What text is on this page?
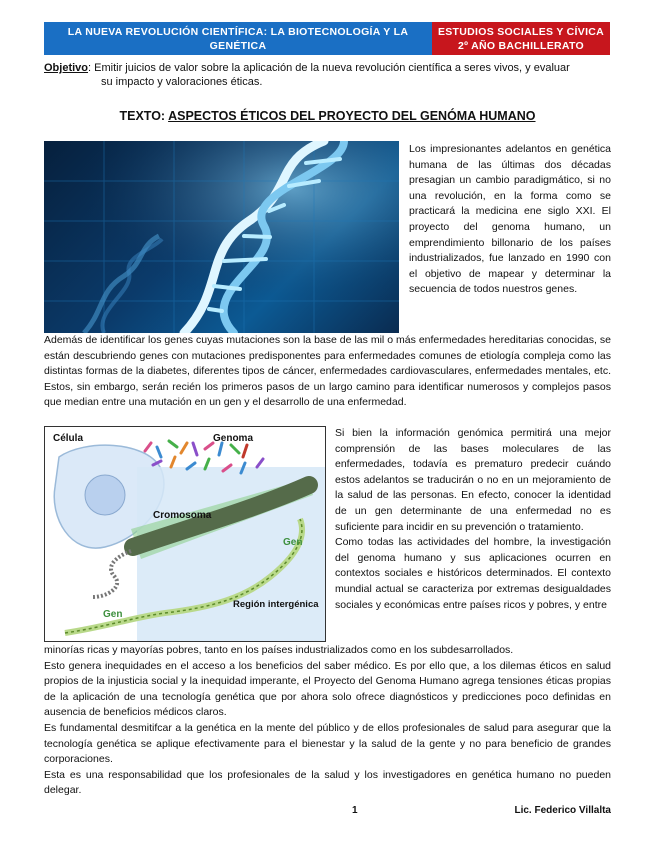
LA NUEVA REVOLUCIÓN CIENTÍFICA: LA BIOTECNOLOGÍA Y LA GENÉTICA
ESTUDIOS SOCIALES Y CÍVICA
2º AÑO BACHILLERATO
Objetivo : Emitir juicios de valor sobre la aplicación de la nueva revolución científica a seres vivos, y evaluar
su impacto y valoraciones éticas.
TEXTO: ASPECTOS ÉTICOS DEL PROYECTO DEL GENÓMA HUMANO

Los impresionantes adelantos en genética humana de las últimas dos décadas presagian un cambio paradigmático, si no una revolución, en la forma como se practicará la medicina ene siglo XXI. El proyecto del genoma humano, un emprendimiento billonario de los países industrializados, fue lanzado en 1990 con el objetivo de mapear y determinar la secuencia de todos nuestros genes.

Además de identificar los genes cuyas mutaciones son la base de las mil o más enfermedades hereditarias conocidas, se están descubriendo genes con mutaciones predisponentes para enfermedades comunes de etiología compleja como las distintas formas de la diabetes, diferentes tipos de cáncer, enfermedades cardiovasculares, enfermedades mentales, etc. Estos, sin embargo, serán recién los primeros pasos de un largo camino para identificar numerosos y complejos pasos que median entre una mutación en un gen y el desarrollo de una enfermedad.

Célula	Genoma
Cromosoma
Gen
Gen
Región intergénica

Si bien la información genómica permitirá una mejor comprensión de las bases moleculares de las enfermedades, todavía es prematuro predecir cuándo estos adelantos se traducirán o no en un mejoramiento de la salud de las personas. En efecto, conocer la identidad de un gen determinante de una enfermedad no es suficiente para incidir en su prevención o tratamiento.

Como todas las actividades del hombre, la investigación del genoma humano y sus aplicaciones ocurren en contextos sociales e históricos determinados. El contexto mundial actual se caracteriza por extremas desigualdades sociales y económicas entre países ricos y pobres, y entre

minorías ricas y mayorías pobres, tanto en los países industrializados como en los subdesarrollados.

Esto genera inequidades en el acceso a los beneficios del saber médico. Es por ello que, a los dilemas éticos en salud propios de la injusticia social y la inequidad imperante, el Proyecto del Genoma Humano agrega tensiones éticas propias de la aplicación de una tecnología genética que por ahora solo ofrece diagnósticos y predicciones poco definidas en ausencia de beneficios médicos claros.

Es fundamental desmitifcar a la genética en la mente del público y de ellos profesionales de salud para asegurar que la tecnología genética se aplique efectivamente para el bienestar y la salud de la gente y no para beneficio de grandes corporaciones.

Esta es una responsabilidad que los profesionales de la salud y los investigadores en genética humano no pueden delegar.

1	Lic. Federico Villalta
